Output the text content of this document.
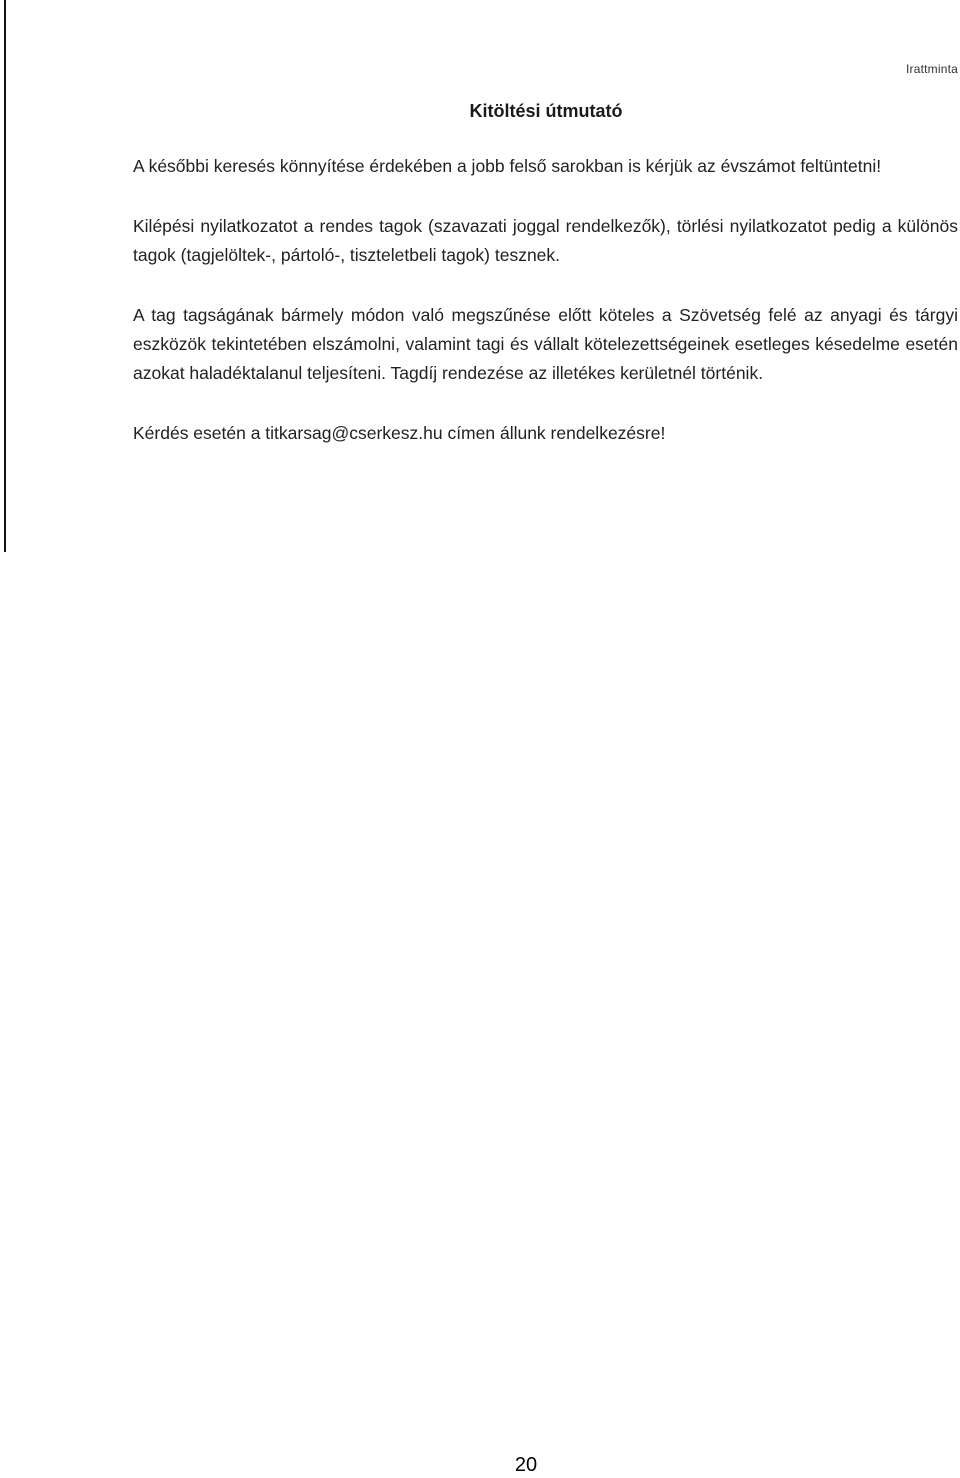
Irattminta
Kitöltési útmutató

A későbbi keresés könnyítése érdekében a jobb felső sarokban is kérjük az évszámot feltüntetni!

Kilépési nyilatkozatot a rendes tagok (szavazati joggal rendelkezők), törlési nyilatkozatot pedig a különös tagok (tagjelöltek-, pártoló-, tiszteletbeli tagok) tesznek.

A tag tagságának bármely módon való megszűnése előtt köteles a Szövetség felé az anyagi és tárgyi eszközök tekintetében elszámolni, valamint tagi és vállalt kötelezettségeinek esetleges késedelme esetén azokat haladéktalanul teljesíteni. Tagdíj rendezése az illetékes kerületnél történik.

Kérdés esetén a titkarsag@cserkesz.hu címen állunk rendelkezésre!

20
